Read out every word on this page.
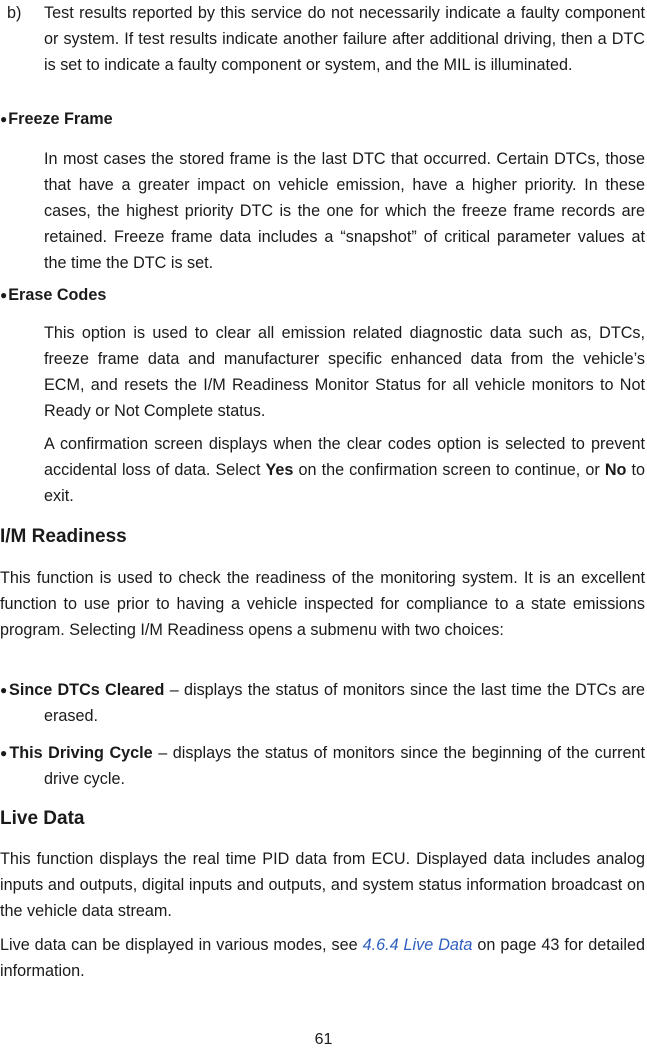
b) Test results reported by this service do not necessarily indicate a faulty component or system. If test results indicate another failure after additional driving, then a DTC is set to indicate a faulty component or system, and the MIL is illuminated.

●Freeze Frame

In most cases the stored frame is the last DTC that occurred. Certain DTCs, those that have a greater impact on vehicle emission, have a higher priority. In these cases, the highest priority DTC is the one for which the freeze frame records are retained. Freeze frame data includes a “snapshot” of critical parameter values at the time the DTC is set.

●Erase Codes

This option is used to clear all emission related diagnostic data such as, DTCs, freeze frame data and manufacturer specific enhanced data from the vehicle’s ECM, and resets the I/M Readiness Monitor Status for all vehicle monitors to Not Ready or Not Complete status.

A confirmation screen displays when the clear codes option is selected to prevent accidental loss of data. Select Yes on the confirmation screen to continue, or No to exit.

I/M Readiness

This function is used to check the readiness of the monitoring system. It is an excellent function to use prior to having a vehicle inspected for compliance to a state emissions program. Selecting I/M Readiness opens a submenu with two choices:

●Since DTCs Cleared – displays the status of monitors since the last time the DTCs are erased.

●This Driving Cycle – displays the status of monitors since the beginning of the current drive cycle.

Live Data

This function displays the real time PID data from ECU. Displayed data includes analog inputs and outputs, digital inputs and outputs, and system status information broadcast on the vehicle data stream.

Live data can be displayed in various modes, see 4.6.4 Live Data on page 43 for detailed information.

61
